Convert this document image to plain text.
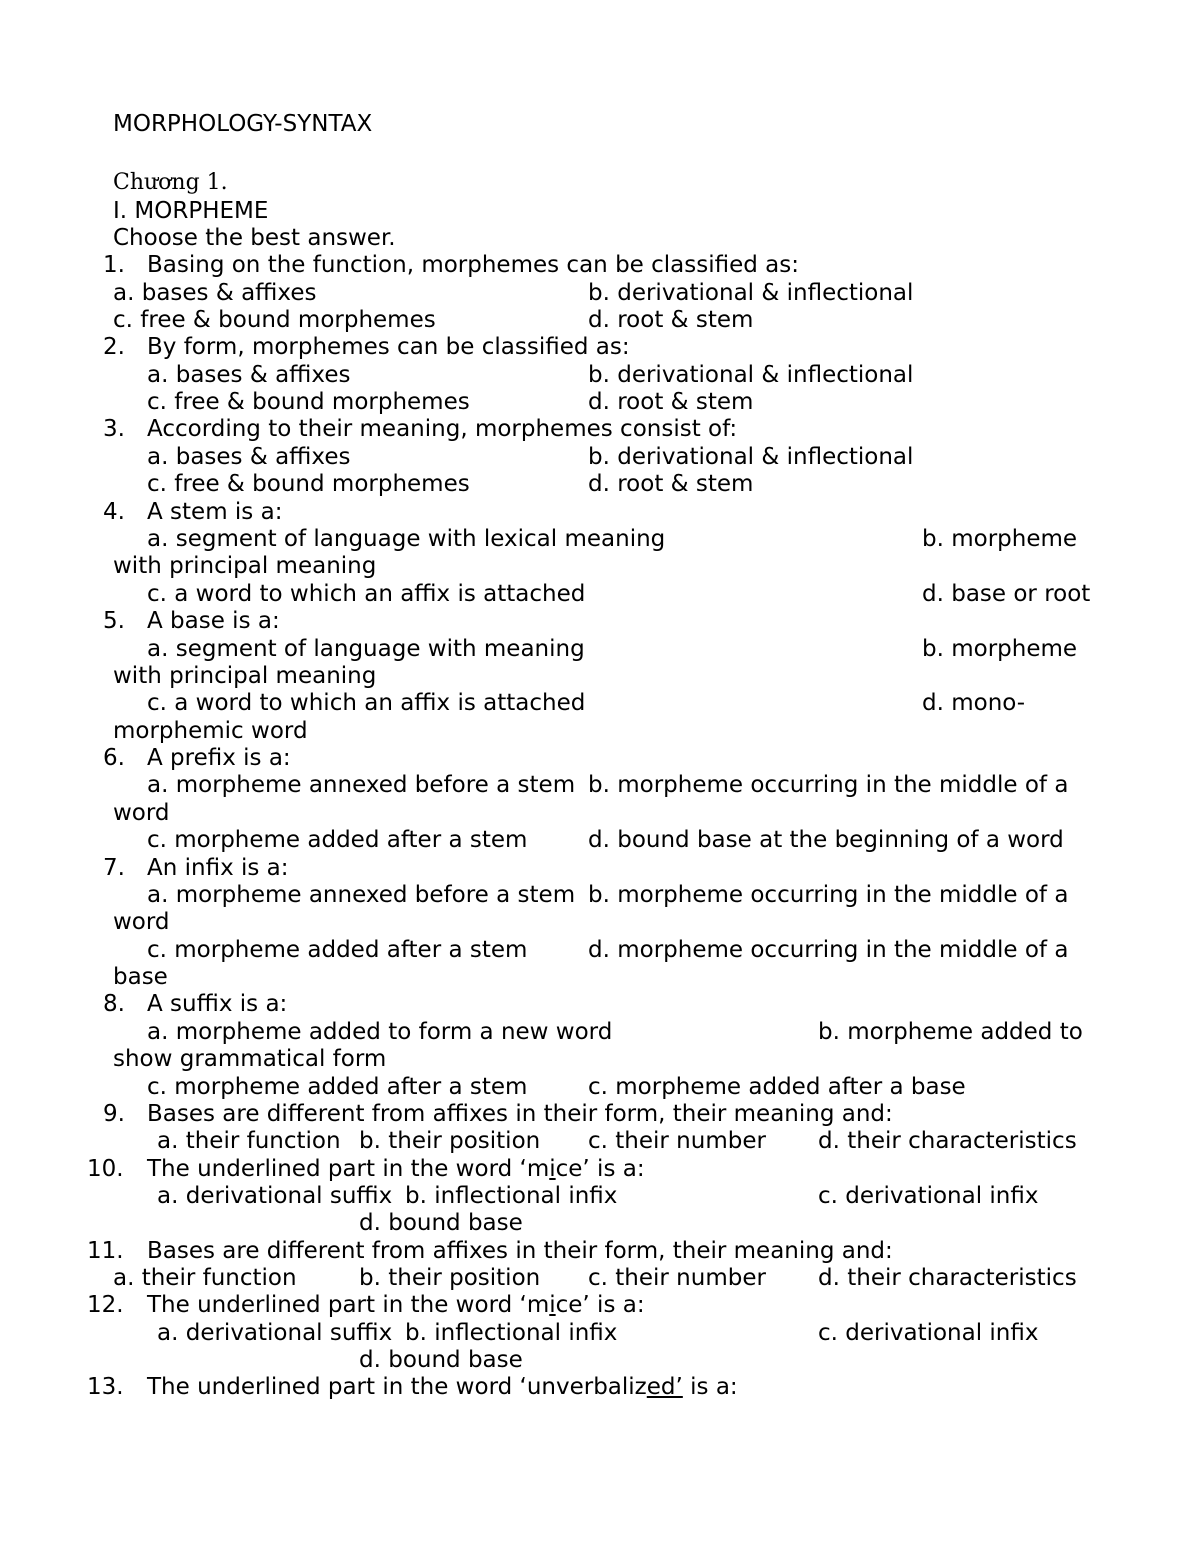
MORPHOLOGY-SYNTAX
Chương 1.
I. MORPHEME
Choose the best answer.
1. Basing on the function, morphemes can be classified as:
a. bases & affixes	b. derivational & inflectional
c. free & bound morphemes	d. root & stem
2. By form, morphemes can be classified as:
a. bases & affixes	b. derivational & inflectional
c. free & bound morphemes	d. root & stem
3. According to their meaning, morphemes consist of:
a. bases & affixes	b. derivational & inflectional
c. free & bound morphemes	d. root & stem
4. A stem is a:
a. segment of language with lexical meaning	b. morpheme
with principal meaning
c. a word to which an affix is attached	d. base or root
5. A base is a:
a. segment of language with meaning	b. morpheme
with principal meaning
c. a word to which an affix is attached	d. mono-
morphemic word
6. A prefix is a:
a. morpheme annexed before a stem b. morpheme occurring in the middle of a
word
c. morpheme added after a stem	d. bound base at the beginning of a word
7. An infix is a:
a. morpheme annexed before a stem b. morpheme occurring in the middle of a
word
c. morpheme added after a stem	d. morpheme occurring in the middle of a
base
8. A suffix is a:
a. morpheme added to form a new word	b. morpheme added to
show grammatical form
c. morpheme added after a stem	c. morpheme added after a base
9. Bases are different from affixes in their form, their meaning and:
a. their function b. their position c. their number d. their characteristics
10. The underlined part in the word ‘mice’ is a:
a. derivational suffix b. inflectional infix	c. derivational infix
d. bound base
11. Bases are different from affixes in their form, their meaning and:
a. their function	b. their position c. their number d. their characteristics
12. The underlined part in the word ‘mice’ is a:
a. derivational suffix b. inflectional infix	c. derivational infix
d. bound base
13. The underlined part in the word ‘unverbalized’ is a:
